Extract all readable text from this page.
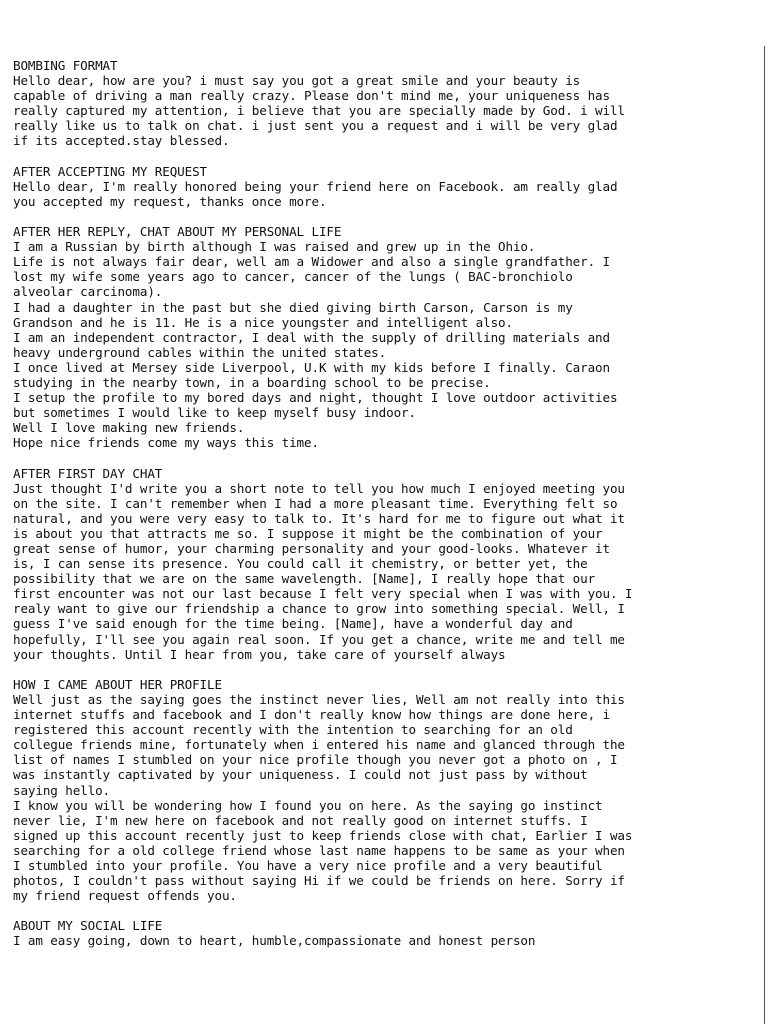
BOMBING FORMAT
Hello dear, how are you? i must say you got a great smile and your beauty is
capable of driving a man really crazy. Please don't mind me, your uniqueness has
really captured my attention, i believe that you are specially made by God. i will
really like us to talk on chat. i just sent you a request and i will be very glad
if its accepted.stay blessed.
AFTER ACCEPTING MY REQUEST
Hello dear, I'm really honored being your friend here on Facebook. am really glad
you accepted my request, thanks once more.
AFTER HER REPLY, CHAT ABOUT MY PERSONAL LIFE
I am a Russian by birth although I was raised and grew up in the Ohio.
Life is not always fair dear, well am a Widower and also a single grandfather. I
lost my wife some years ago to cancer, cancer of the lungs ( BAC-bronchiolo
alveolar carcinoma).
I had a daughter in the past but she died giving birth Carson, Carson is my
Grandson and he is 11. He is a nice youngster and intelligent also.
I am an independent contractor, I deal with the supply of drilling materials and
heavy underground cables within the united states.
I once lived at Mersey side Liverpool, U.K with my kids before I finally. Caraon
studying in the nearby town, in a boarding school to be precise.
I setup the profile to my bored days and night, thought I love outdoor activities
but sometimes I would like to keep myself busy indoor.
Well I love making new friends.
Hope nice friends come my ways this time.
AFTER FIRST DAY CHAT
Just thought I'd write you a short note to tell you how much I enjoyed meeting you
on the site. I can't remember when I had a more pleasant time. Everything felt so
natural, and you were very easy to talk to. It's hard for me to figure out what it
is about you that attracts me so. I suppose it might be the combination of your
great sense of humor, your charming personality and your good-looks. Whatever it
is, I can sense its presence. You could call it chemistry, or better yet, the
possibility that we are on the same wavelength. [Name], I really hope that our
first encounter was not our last because I felt very special when I was with you. I
realy want to give our friendship a chance to grow into something special. Well, I
guess I've said enough for the time being. [Name], have a wonderful day and
hopefully, I'll see you again real soon. If you get a chance, write me and tell me
your thoughts. Until I hear from you, take care of yourself always
HOW I CAME ABOUT HER PROFILE
Well just as the saying goes the instinct never lies, Well am not really into this
internet stuffs and facebook and I don't really know how things are done here, i
registered this account recently with the intention to searching for an old
collegue friends mine, fortunately when i entered his name and glanced through the
list of names I stumbled on your nice profile though you never got a photo on , I
was instantly captivated by your uniqueness. I could not just pass by without
saying hello.
I know you will be wondering how I found you on here. As the saying go instinct
never lie, I'm new here on facebook and not really good on internet stuffs. I
signed up this account recently just to keep friends close with chat, Earlier I was
searching for a old college friend whose last name happens to be same as your when
I stumbled into your profile. You have a very nice profile and a very beautiful
photos, I couldn't pass without saying Hi if we could be friends on here. Sorry if
my friend request offends you.
ABOUT MY SOCIAL LIFE
I am easy going, down to heart, humble,compassionate and honest person
